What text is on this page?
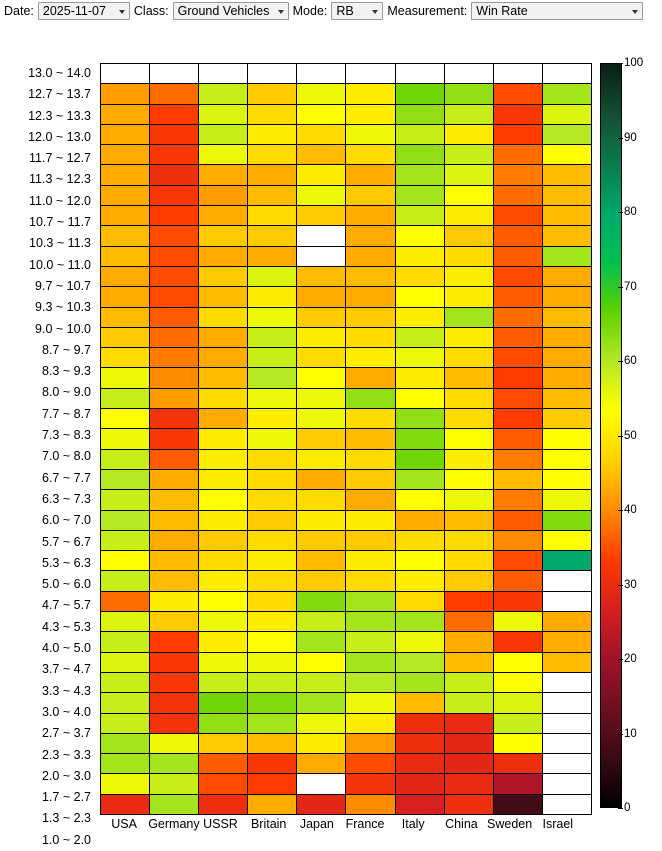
Date:
2025-11-07	Class:
Ground Vehicles	Mode:
RB	Measurement:
Win Rate
13.0 ~ 14.0
12.7 ~ 13.7
12.3 ~ 13.3
12.0 ~ 13.0
11.7 ~ 12.7
11.3 ~ 12.3
11.0 ~ 12.0
10.7 ~ 11.7
10.3 ~ 11.3
10.0 ~ 11.0
9.7 ~ 10.7
9.3 ~ 10.3
9.0 ~ 10.0
8.7 ~ 9.7
8.3 ~ 9.3
8.0 ~ 9.0
7.7 ~ 8.7
7.3 ~ 8.3
7.0 ~ 8.0
6.7 ~ 7.7
6.3 ~ 7.3
6.0 ~ 7.0
5.7 ~ 6.7
5.3 ~ 6.3
5.0 ~ 6.0
4.7 ~ 5.7
4.3 ~ 5.3
4.0 ~ 5.0
3.7 ~ 4.7
3.3 ~ 4.3
3.0 ~ 4.0
2.7 ~ 3.7
2.3 ~ 3.3
2.0 ~ 3.0
1.7 ~ 2.7
1.3 ~ 2.3
1.0 ~ 2.0

USA Germany USSR	Britain	Japan France	Italy	China Sweden Israel
0
10
20
30
40
50
60
70
80
90
100
